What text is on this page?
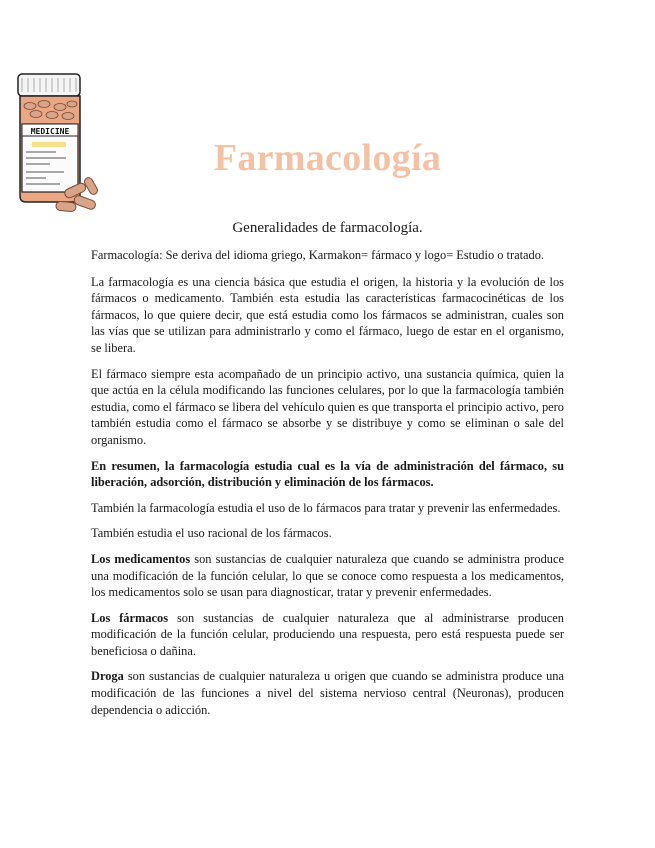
MEDICINE
Farmacología
Generalidades de farmacología.

Farmacología: Se deriva del idioma griego, Karmakon= fármaco y logo= Estudio o tratado.

La farmacología es una ciencia básica que estudia el origen, la historia y la evolución de los fármacos o medicamento. También esta estudia las características farmacocinéticas de los fármacos, lo que quiere decir, que está estudia como los fármacos se administran, cuales son las vías que se utilizan para administrarlo y como el fármaco, luego de estar en el organismo, se libera.

El fármaco siempre esta acompañado de un principio activo, una sustancia química, quien la que actúa en la célula modificando las funciones celulares, por lo que la farmacología también estudia, como el fármaco se libera del vehículo quien es que transporta el principio activo, pero también estudia como el fármaco se absorbe y se distribuye y como se eliminan o sale del organismo.

En resumen, la farmacología estudia cual es la vía de administración del fármaco, su liberación, adsorción, distribución y eliminación de los fármacos.

También la farmacología estudia el uso de lo fármacos para tratar y prevenir las enfermedades.

También estudia el uso racional de los fármacos.

Los medicamentos son sustancias de cualquier naturaleza que cuando se administra produce una modificación de la función celular, lo que se conoce como respuesta a los medicamentos, los medicamentos solo se usan para diagnosticar, tratar y prevenir enfermedades.

Los fármacos son sustancias de cualquier naturaleza que al administrarse producen modificación de la función celular, produciendo una respuesta, pero está respuesta puede ser beneficiosa o dañina.

Droga son sustancias de cualquier naturaleza u origen que cuando se administra produce una modificación de las funciones a nivel del sistema nervioso central (Neuronas), producen dependencia o adicción.
